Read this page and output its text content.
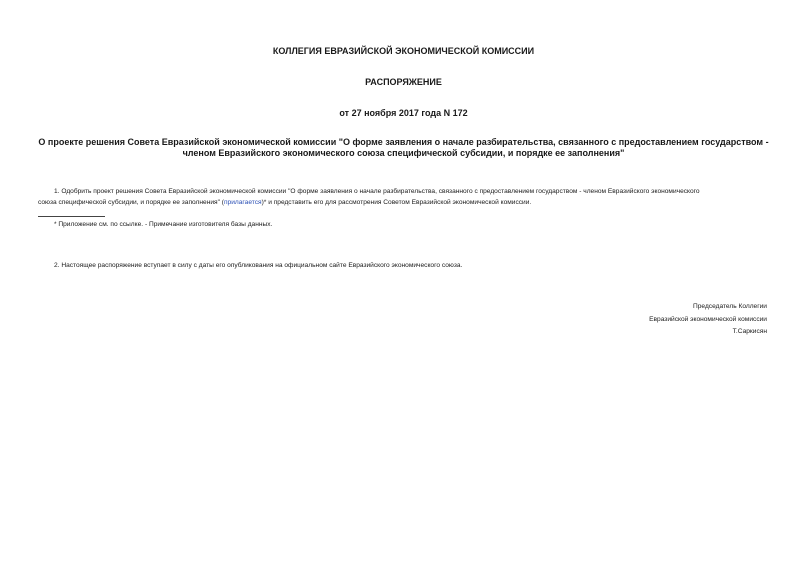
КОЛЛЕГИЯ ЕВРАЗИЙСКОЙ ЭКОНОМИЧЕСКОЙ КОМИССИИ
РАСПОРЯЖЕНИЕ
от 27 ноября 2017 года N 172
О проекте решения Совета Евразийской экономической комиссии "О форме заявления о начале разбирательства, связанного с предоставлением государством -
членом Евразийского экономического союза специфической субсидии, и порядке ее заполнения"
1. Одобрить проект решения Совета Евразийской экономической комиссии "О форме заявления о начале разбирательства, связанного с предоставлением государством - членом Евразийского экономического
союза специфической субсидии, и порядке ее заполнения" (прилагается)* и представить его для рассмотрения Советом Евразийской экономической комиссии.
* Приложение см. по ссылке. - Примечание изготовителя базы данных.
2. Настоящее распоряжение вступает в силу с даты его опубликования на официальном сайте Евразийского экономического союза.
Председатель Коллегии
Евразийской экономической комиссии
Т.Саркисян
